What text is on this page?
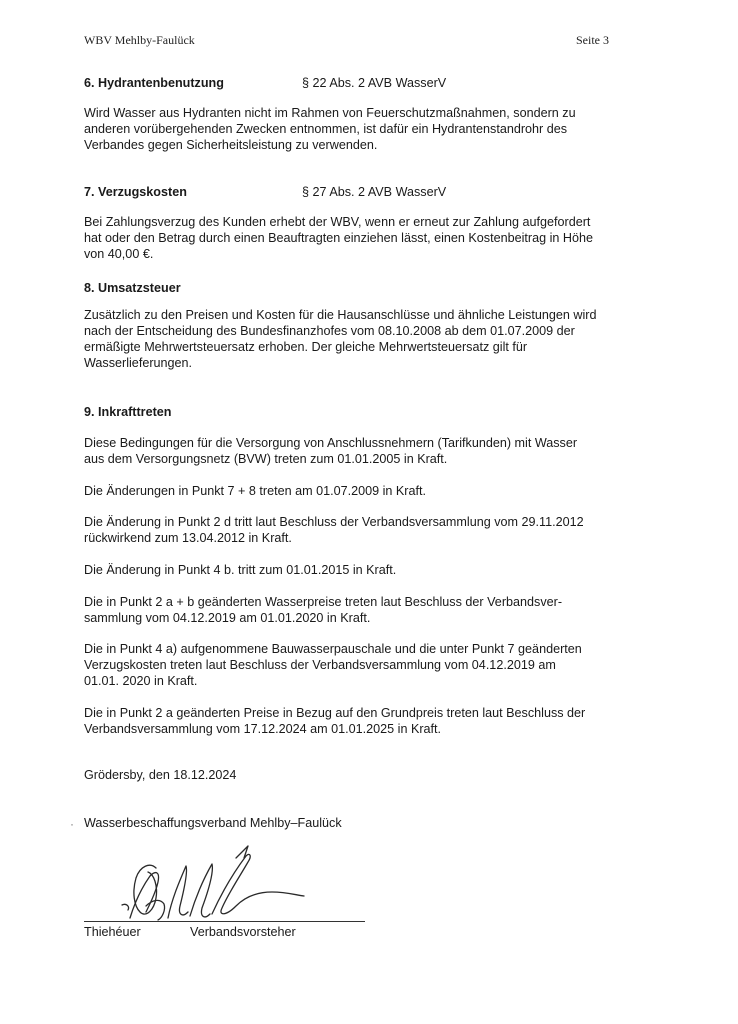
WBV Mehlby-Faulück	Seite 3
6. Hydrantenbenutzung	§ 22 Abs. 2 AVB WasserV
Wird Wasser aus Hydranten nicht im Rahmen von Feuerschutzmaßnahmen, sondern zu
anderen vorübergehenden Zwecken entnommen, ist dafür ein Hydrantenstandrohr des
Verbandes gegen Sicherheitsleistung zu verwenden.
7. Verzugskosten	§ 27 Abs. 2 AVB WasserV
Bei Zahlungsverzug des Kunden erhebt der WBV, wenn er erneut zur Zahlung aufgefordert
hat oder den Betrag durch einen Beauftragten einziehen lässt, einen Kostenbeitrag in Höhe
von 40,00 €.
8. Umsatzsteuer
Zusätzlich zu den Preisen und Kosten für die Hausanschlüsse und ähnliche Leistungen wird
nach der Entscheidung des Bundesfinanzhofes vom 08.10.2008 ab dem 01.07.2009 der
ermäßigte Mehrwertsteuersatz erhoben. Der gleiche Mehrwertsteuersatz gilt für
Wasserlieferungen.
9. Inkrafttreten
Diese Bedingungen für die Versorgung von Anschlussnehmern (Tarifkunden) mit Wasser
aus dem Versorgungsnetz (BVW) treten zum 01.01.2005 in Kraft.
Die Änderungen in Punkt 7 + 8 treten am 01.07.2009 in Kraft.
Die Änderung in Punkt 2 d tritt laut Beschluss der Verbandsversammlung vom 29.11.2012
rückwirkend zum 13.04.2012 in Kraft.
Die Änderung in Punkt 4 b. tritt zum 01.01.2015 in Kraft.
Die in Punkt 2 a + b geänderten Wasserpreise treten laut Beschluss der Verbandsver-
sammlung vom 04.12.2019 am 01.01.2020 in Kraft.
Die in Punkt 4 a) aufgenommene Bauwasserpauschale und die unter Punkt 7 geänderten
Verzugskosten treten laut Beschluss der Verbandsversammlung vom 04.12.2019 am
01.01. 2020 in Kraft.
Die in Punkt 2 a geänderten Preise in Bezug auf den Grundpreis treten laut Beschluss der
Verbandsversammlung vom 17.12.2024 am 01.01.2025 in Kraft.
Grödersby, den 18.12.2024
· Wasserbeschaffungsverband Mehlby–Faulück
Thiehéuer	Verbandsvorsteher
